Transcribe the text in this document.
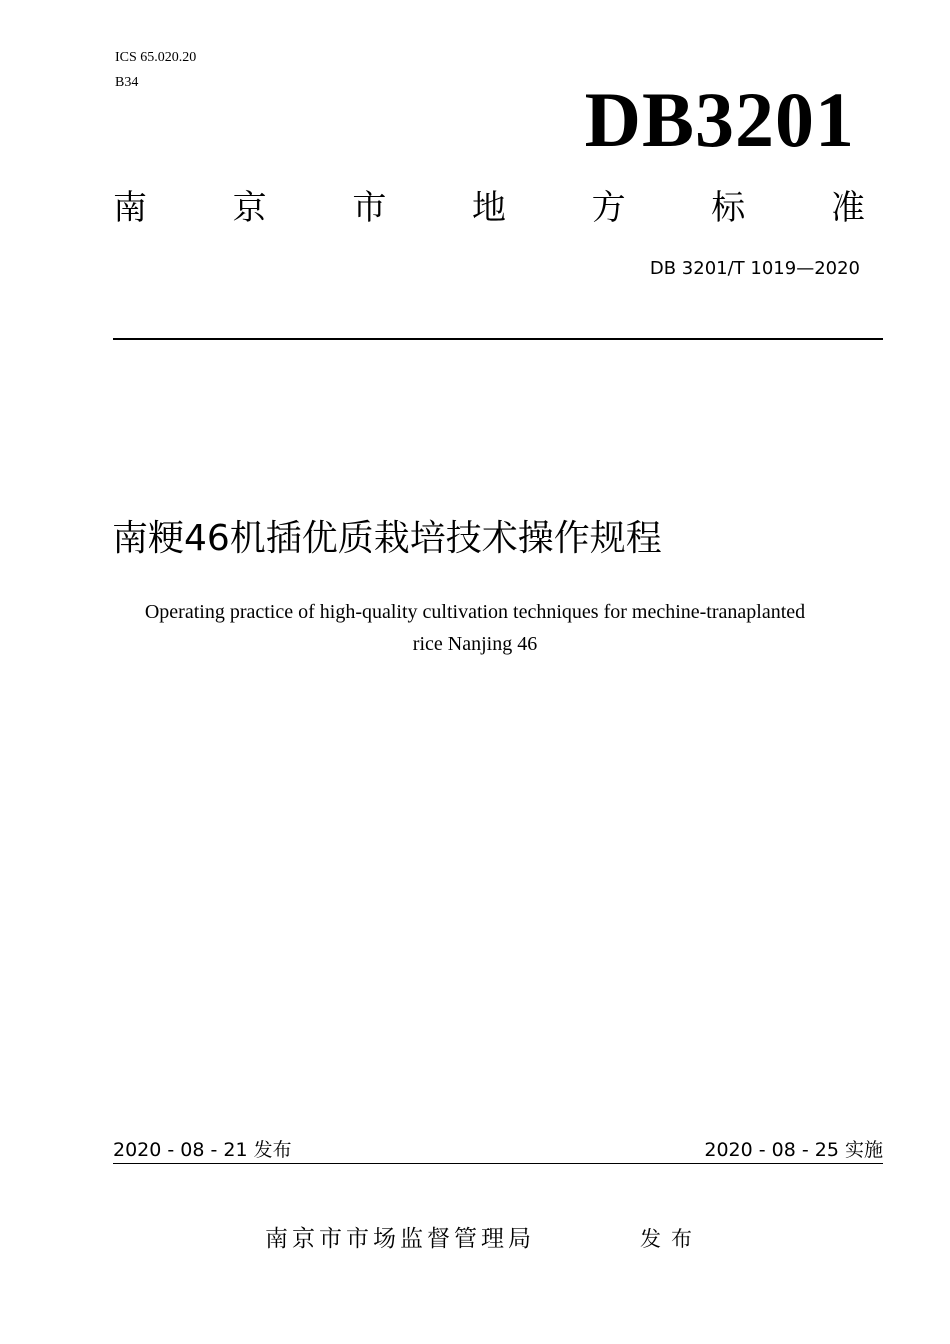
ICS 65.020.20
B34	DB3201
南	京	市	地	方	标	准
DB 3201/T 1019—2020
南粳46机插优质栽培技术操作规程
Operating practice of high-quality cultivation techniques for mechine-tranaplanted
rice Nanjing 46
2020 - 08 - 21 发布	2020 - 08 - 25 实施
南京市市场监督管理局	发布
